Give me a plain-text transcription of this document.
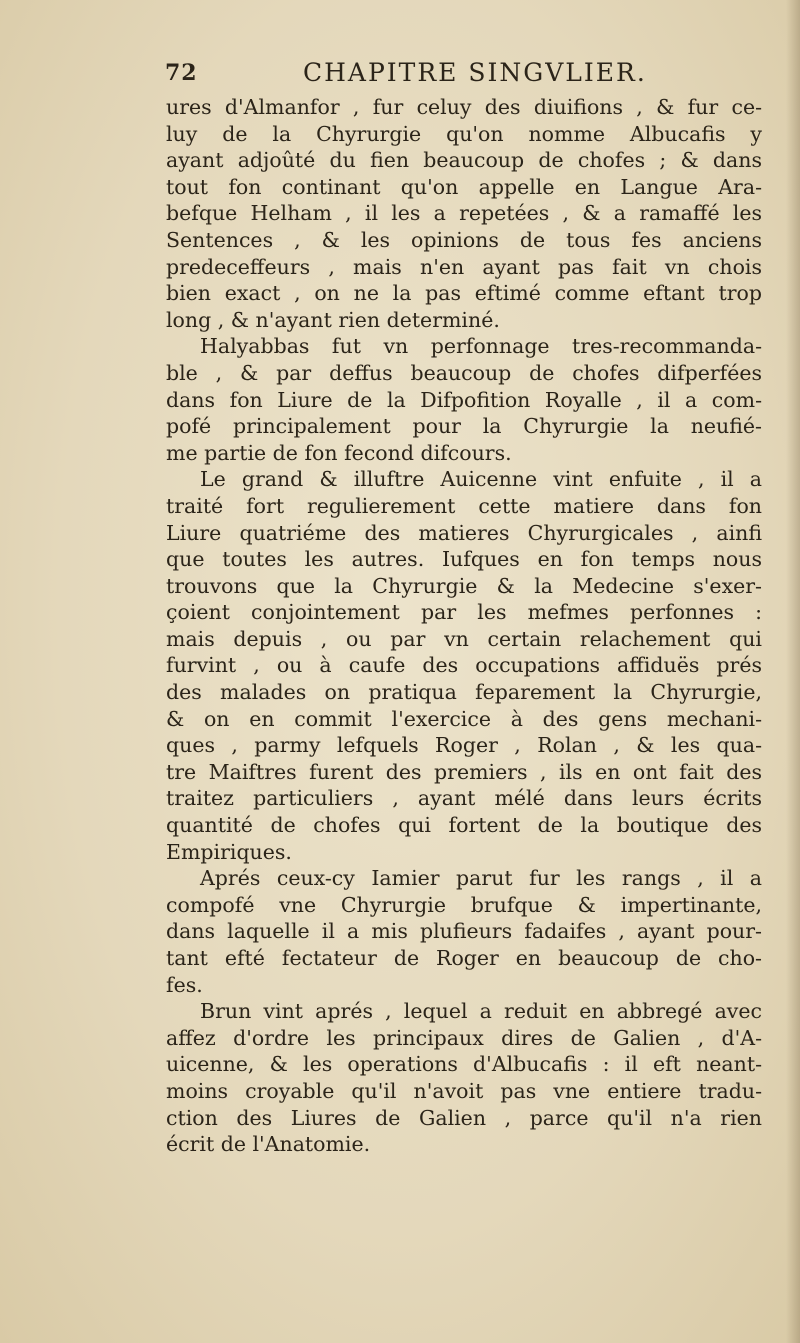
72	CHAPITRE SINGVLIER.
ures d'Almanfor , fur celuy des diuifions , & fur ce-
luy de la Chyrurgie qu'on nomme Albucafis y
ayant adjoûté du fien beaucoup de chofes ; & dans
tout fon continant qu'on appelle en Langue Ara-
befque Helham , il les a repetées , & a ramaffé les
Sentences , & les opinions de tous fes anciens
predeceffeurs , mais n'en ayant pas fait vn chois
bien exact , on ne la pas eftimé comme eftant trop
long , & n'ayant rien determiné.
Halyabbas fut vn perfonnage tres-recommanda-
ble , & par deffus beaucoup de chofes difperfées
dans fon Liure de la Difpofition Royalle , il a com-
pofé principalement pour la Chyrurgie la neufié-
me partie de fon fecond difcours.
Le grand & illuftre Auicenne vint enfuite , il a
traité fort regulierement cette matiere dans fon
Liure quatriéme des matieres Chyrurgicales , ainfi
que toutes les autres. Iufques en fon temps nous
trouvons que la Chyrurgie & la Medecine s'exer-
çoient conjointement par les mefmes perfonnes :
mais depuis , ou par vn certain relachement qui
furvint , ou à caufe des occupations affiduës prés
des malades on pratiqua feparement la Chyrurgie,
& on en commit l'exercice à des gens mechani-
ques , parmy lefquels Roger , Rolan , & les qua-
tre Maiftres furent des premiers , ils en ont fait des
traitez particuliers , ayant mélé dans leurs écrits
quantité de chofes qui fortent de la boutique des
Empiriques.
Aprés ceux-cy Iamier parut fur les rangs , il a
compofé vne Chyrurgie brufque & impertinante,
dans laquelle il a mis plufieurs fadaifes , ayant pour-
tant efté fectateur de Roger en beaucoup de cho-
fes.
Brun vint aprés , lequel a reduit en abbregé avec
affez d'ordre les principaux dires de Galien , d'A-
uicenne, & les operations d'Albucafis : il eft neant-
moins croyable qu'il n'avoit pas vne entiere tradu-
ction des Liures de Galien , parce qu'il n'a rien
écrit de l'Anatomie.
